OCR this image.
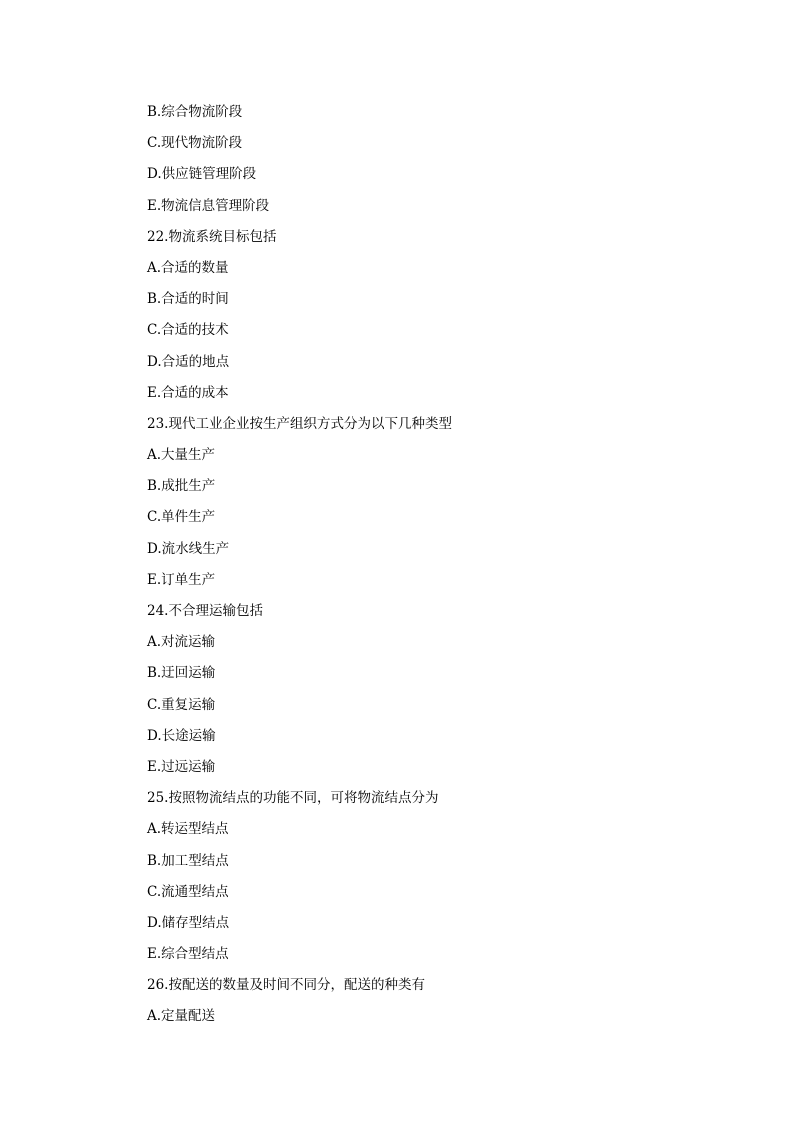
B.综合物流阶段
C.现代物流阶段
D.供应链管理阶段
E.物流信息管理阶段
22.物流系统目标包括
A.合适的数量
B.合适的时间
C.合适的技术
D.合适的地点
E.合适的成本
23.现代工业企业按生产组织方式分为以下几种类型
A.大量生产
B.成批生产
C.单件生产
D.流水线生产
E.订单生产
24.不合理运输包括
A.对流运输
B.迂回运输
C.重复运输
D.长途运输
E.过远运输
25.按照物流结点的功能不同，可将物流结点分为
A.转运型结点
B.加工型结点
C.流通型结点
D.储存型结点
E.综合型结点
26.按配送的数量及时间不同分，配送的种类有
A.定量配送
